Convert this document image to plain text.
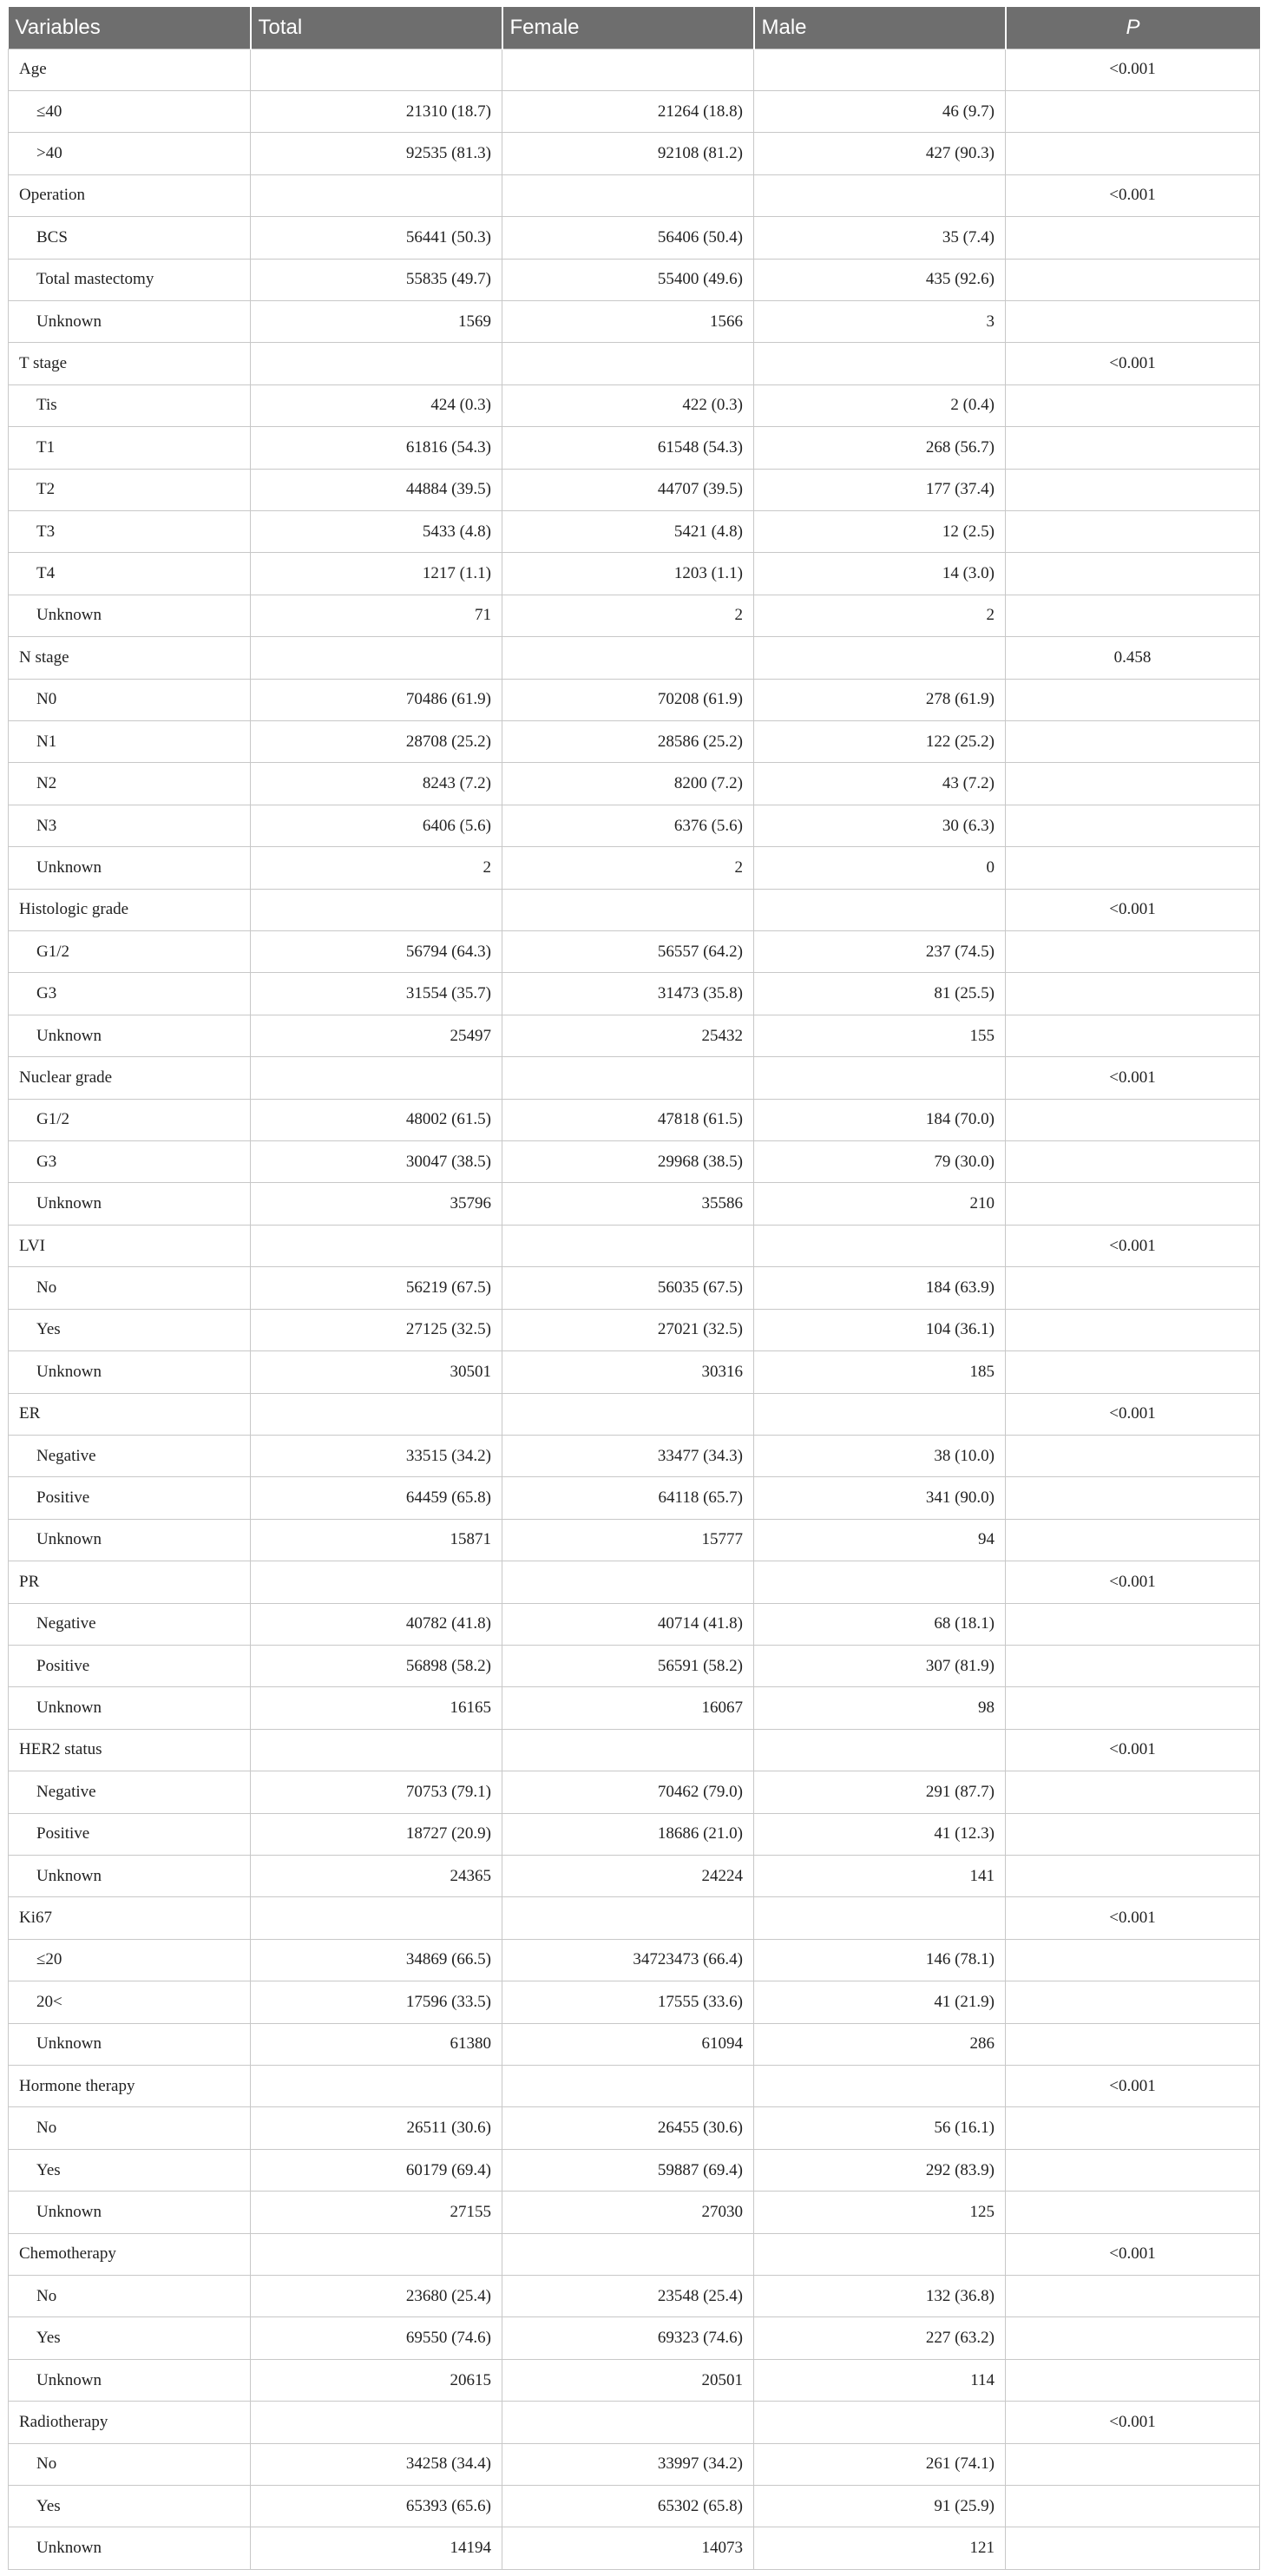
Variables	Total	Female	Male	P
Age				<0.001
≤40	21310 (18.7)	21264 (18.8)	46 (9.7)	
>40	92535 (81.3)	92108 (81.2)	427 (90.3)	
Operation				<0.001
BCS	56441 (50.3)	56406 (50.4)	35 (7.4)	
Total mastectomy	55835 (49.7)	55400 (49.6)	435 (92.6)	
Unknown	1569	1566	3	
T stage				<0.001
Tis	424 (0.3)	422 (0.3)	2 (0.4)	
T1	61816 (54.3)	61548 (54.3)	268 (56.7)	
T2	44884 (39.5)	44707 (39.5)	177 (37.4)	
T3	5433 (4.8)	5421 (4.8)	12 (2.5)	
T4	1217 (1.1)	1203 (1.1)	14 (3.0)	
Unknown	71	2	2	
N stage				0.458
N0	70486 (61.9)	70208 (61.9)	278 (61.9)	
N1	28708 (25.2)	28586 (25.2)	122 (25.2)	
N2	8243 (7.2)	8200 (7.2)	43 (7.2)	
N3	6406 (5.6)	6376 (5.6)	30 (6.3)	
Unknown	2	2	0	
Histologic grade				<0.001
G1/2	56794 (64.3)	56557 (64.2)	237 (74.5)	
G3	31554 (35.7)	31473 (35.8)	81 (25.5)	
Unknown	25497	25432	155	
Nuclear grade				<0.001
G1/2	48002 (61.5)	47818 (61.5)	184 (70.0)	
G3	30047 (38.5)	29968 (38.5)	79 (30.0)	
Unknown	35796	35586	210	
LVI				<0.001
No	56219 (67.5)	56035 (67.5)	184 (63.9)	
Yes	27125 (32.5)	27021 (32.5)	104 (36.1)	
Unknown	30501	30316	185	
ER				<0.001
Negative	33515 (34.2)	33477 (34.3)	38 (10.0)	
Positive	64459 (65.8)	64118 (65.7)	341 (90.0)	
Unknown	15871	15777	94	
PR				<0.001
Negative	40782 (41.8)	40714 (41.8)	68 (18.1)	
Positive	56898 (58.2)	56591 (58.2)	307 (81.9)	
Unknown	16165	16067	98	
HER2 status				<0.001
Negative	70753 (79.1)	70462 (79.0)	291 (87.7)	
Positive	18727 (20.9)	18686 (21.0)	41 (12.3)	
Unknown	24365	24224	141	
Ki67				<0.001
≤20	34869 (66.5)	34723473 (66.4)	146 (78.1)	
20<	17596 (33.5)	17555 (33.6)	41 (21.9)	
Unknown	61380	61094	286	
Hormone therapy				<0.001
No	26511 (30.6)	26455 (30.6)	56 (16.1)	
Yes	60179 (69.4)	59887 (69.4)	292 (83.9)	
Unknown	27155	27030	125	
Chemotherapy				<0.001
No	23680 (25.4)	23548 (25.4)	132 (36.8)	
Yes	69550 (74.6)	69323 (74.6)	227 (63.2)	
Unknown	20615	20501	114	
Radiotherapy				<0.001
No	34258 (34.4)	33997 (34.2)	261 (74.1)	
Yes	65393 (65.6)	65302 (65.8)	91 (25.9)	
Unknown	14194	14073	121	
